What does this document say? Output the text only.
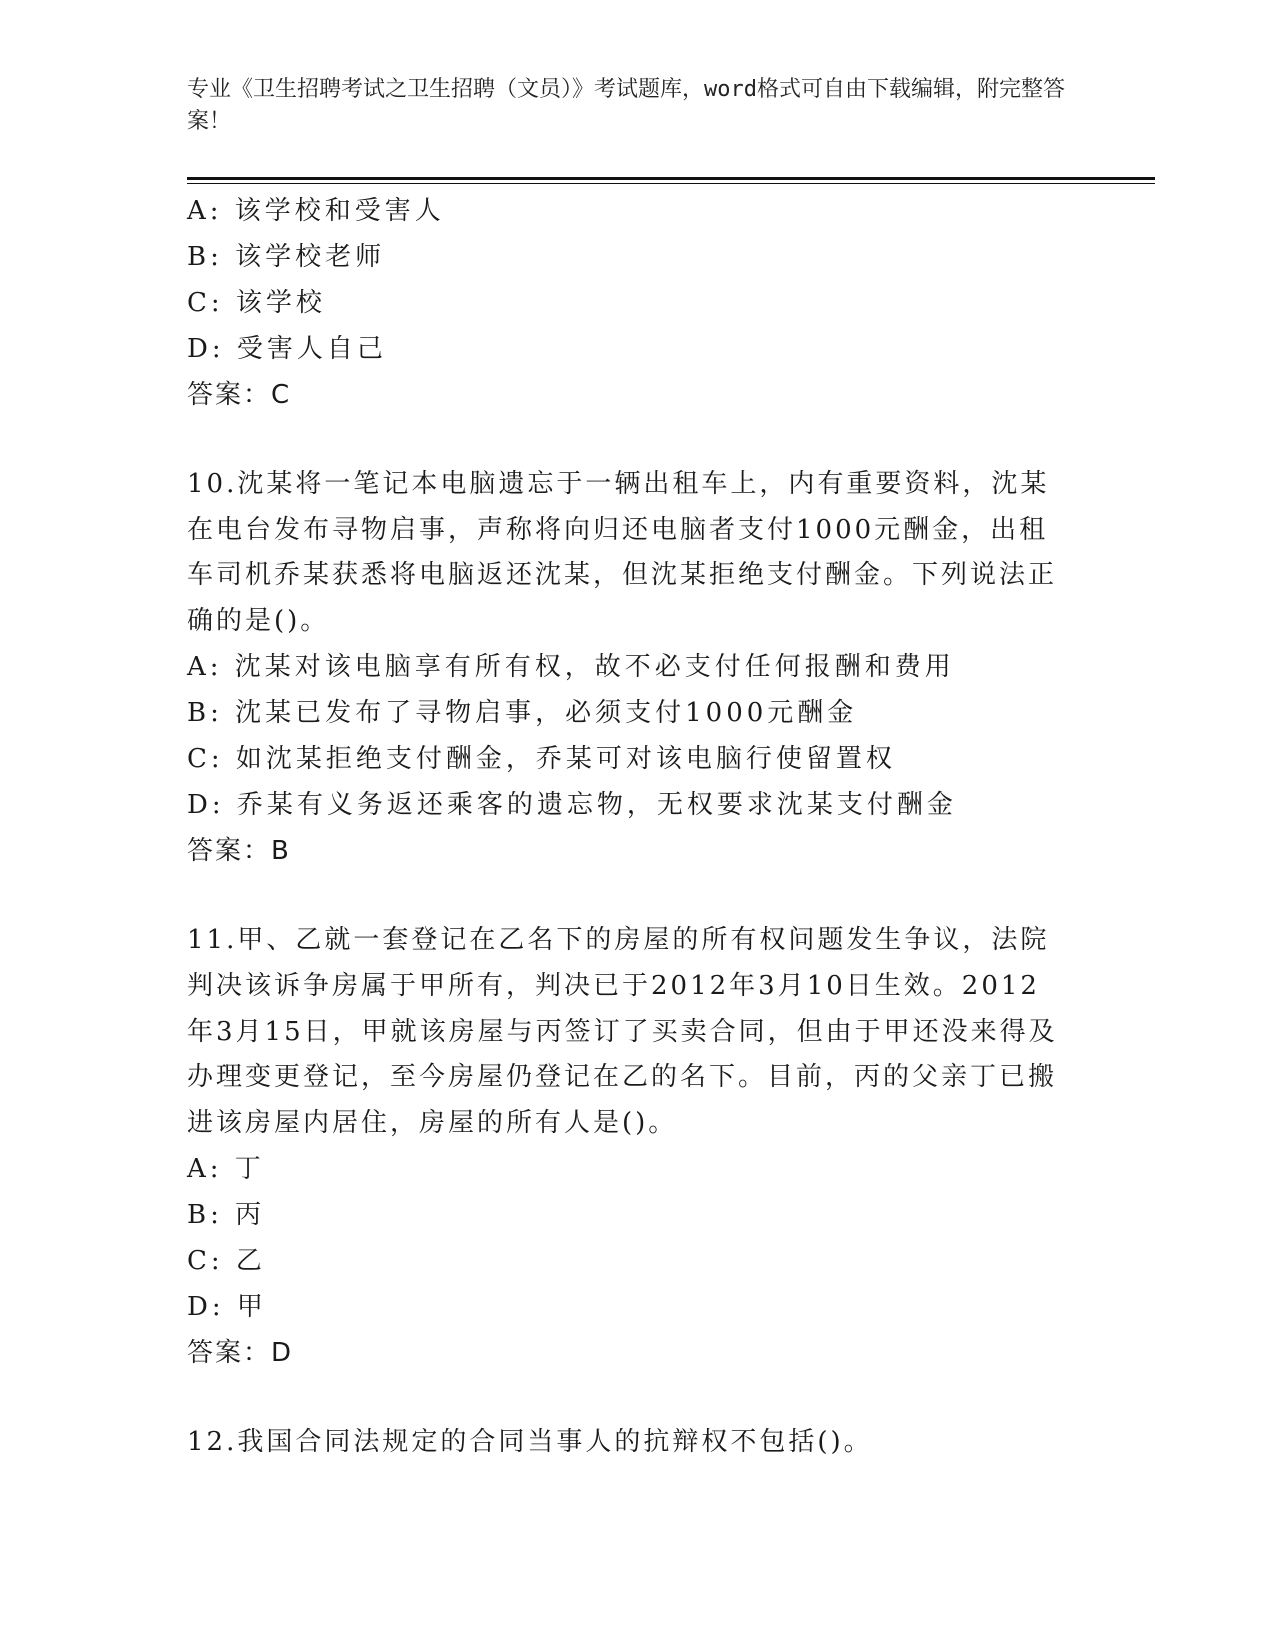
专业《卫生招聘考试之卫生招聘（文员）》考试题库，word格式可自由下载编辑，附完整答案！
A: 该学校和受害人
B: 该学校老师
C: 该学校
D: 受害人自己
答案：C
10.沈某将一笔记本电脑遗忘于一辆出租车上，内有重要资料，沈某在电台发布寻物启事，声称将向归还电脑者支付1000元酬金，出租车司机乔某获悉将电脑返还沈某，但沈某拒绝支付酬金。下列说法正确的是()。
A: 沈某对该电脑享有所有权，故不必支付任何报酬和费用
B: 沈某已发布了寻物启事，必须支付1000元酬金
C: 如沈某拒绝支付酬金，乔某可对该电脑行使留置权
D: 乔某有义务返还乘客的遗忘物，无权要求沈某支付酬金
答案：B
11.甲、乙就一套登记在乙名下的房屋的所有权问题发生争议，法院判决该诉争房属于甲所有，判决已于2012年3月10日生效。2012年3月15日，甲就该房屋与丙签订了买卖合同，但由于甲还没来得及办理变更登记，至今房屋仍登记在乙的名下。目前，丙的父亲丁已搬进该房屋内居住，房屋的所有人是()。
A: 丁
B: 丙
C: 乙
D: 甲
答案：D
12.我国合同法规定的合同当事人的抗辩权不包括()。
